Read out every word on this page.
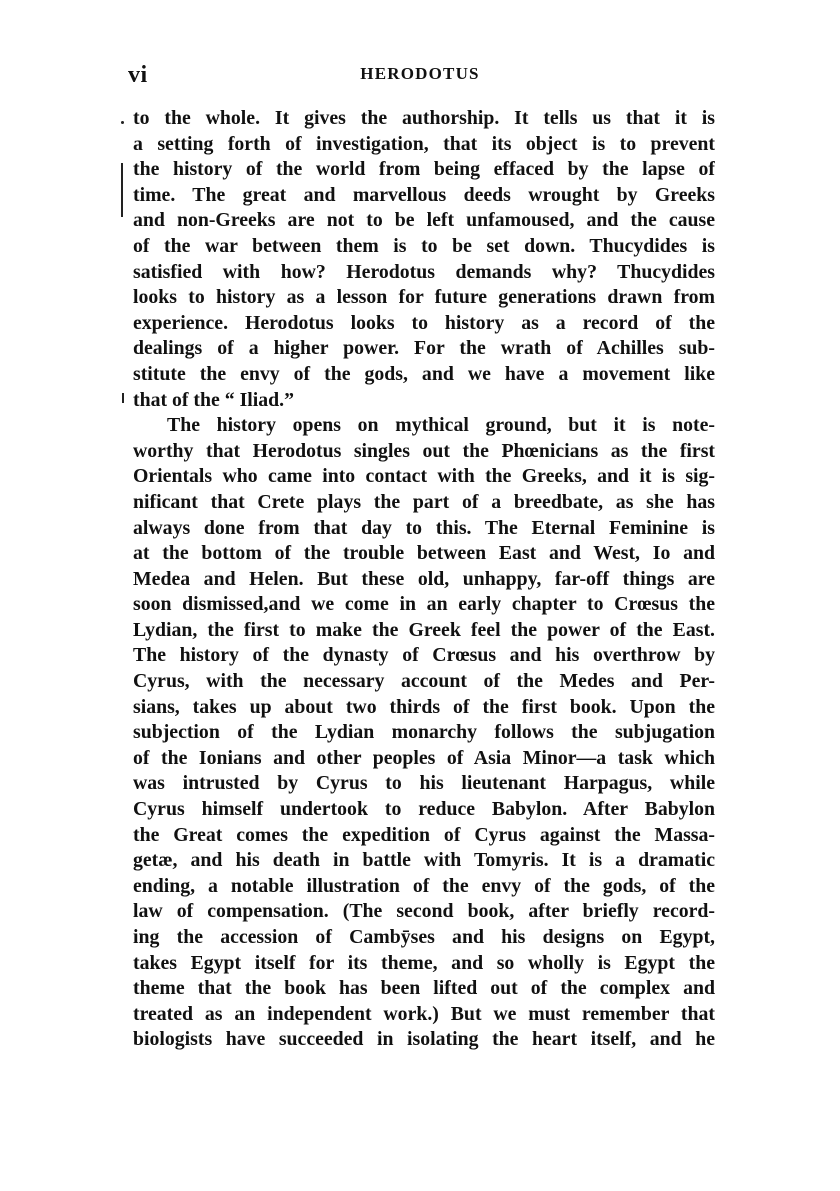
vi	HERODOTUS
to the whole. It gives the authorship. It tells us that it is
a setting forth of investigation, that its object is to prevent
the history of the world from being effaced by the lapse of
time. The great and marvellous deeds wrought by Greeks
and non-Greeks are not to be left unfamoused, and the cause
of the war between them is to be set down. Thucydides is
satisfied with how? Herodotus demands why? Thucydides
looks to history as a lesson for future generations drawn from
experience. Herodotus looks to history as a record of the
dealings of a higher power. For the wrath of Achilles sub-
stitute the envy of the gods, and we have a movement like
that of the “ Iliad.”
The history opens on mythical ground, but it is note-
worthy that Herodotus singles out the Phœnicians as the first
Orientals who came into contact with the Greeks, and it is sig-
nificant that Crete plays the part of a breedbate, as she has
always done from that day to this. The Eternal Feminine is
at the bottom of the trouble between East and West, Io and
Medea and Helen. But these old, unhappy, far-off things are
soon dismissed,and we come in an early chapter to Crœsus the
Lydian, the first to make the Greek feel the power of the East.
The history of the dynasty of Crœsus and his overthrow by
Cyrus, with the necessary account of the Medes and Per-
sians, takes up about two thirds of the first book. Upon the
subjection of the Lydian monarchy follows the subjugation
of the Ionians and other peoples of Asia Minor—a task which
was intrusted by Cyrus to his lieutenant Harpagus, while
Cyrus himself undertook to reduce Babylon. After Babylon
the Great comes the expedition of Cyrus against the Massa-
getæ, and his death in battle with Tomyris. It is a dramatic
ending, a notable illustration of the envy of the gods, of the
law of compensation. (The second book, after briefly record-
ing the accession of Cambȳses and his designs on Egypt,
takes Egypt itself for its theme, and so wholly is Egypt the
theme that the book has been lifted out of the complex and
treated as an independent work.) But we must remember that
biologists have succeeded in isolating the heart itself, and he
